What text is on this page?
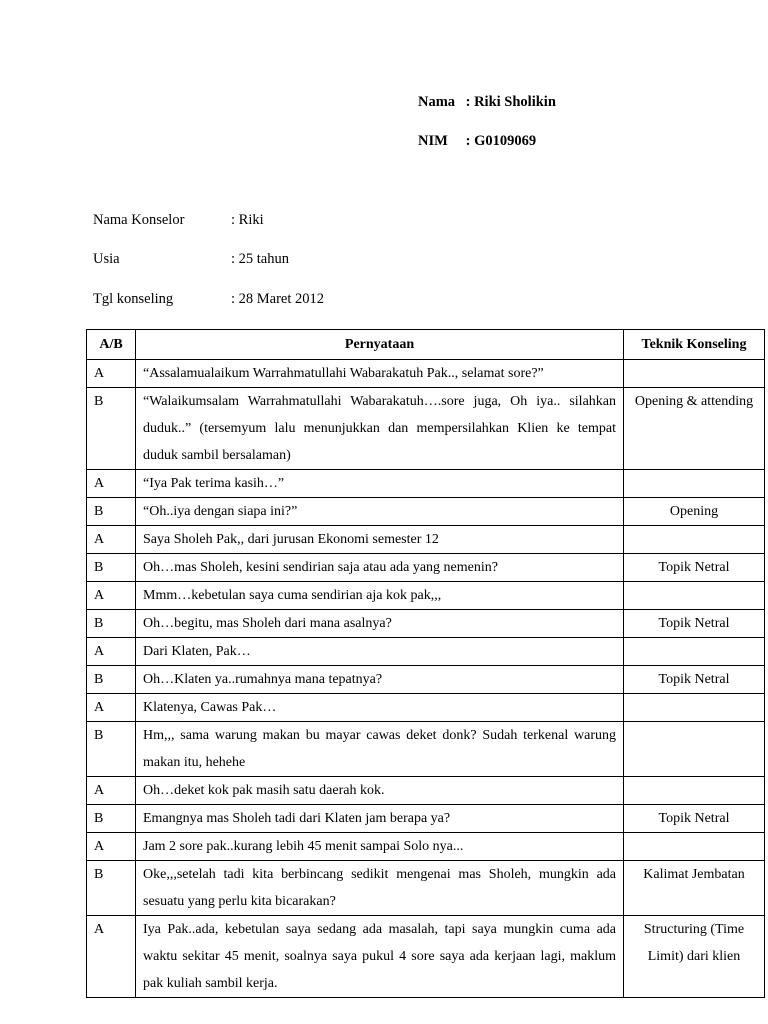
Nama : Riki Sholikin
NIM : G0109069
Nama Konselor	: Riki
Usia	: 25 tahun
Tgl konseling	: 28 Maret 2012
A/B	Pernyataan	Teknik Konseling
A	“Assalamualaikum Warrahmatullahi Wabarakatuh Pak.., selamat sore?”	
B	“Walaikumsalam Warrahmatullahi Wabarakatuh….sore juga, Oh iya.. silahkan duduk..” (tersemyum lalu menunjukkan dan mempersilahkan Klien ke tempat duduk sambil bersalaman)	Opening & attending
A	“Iya Pak terima kasih…”	
B	“Oh..iya dengan siapa ini?”	Opening
A	Saya Sholeh Pak,, dari jurusan Ekonomi semester 12	
B	Oh…mas Sholeh, kesini sendirian saja atau ada yang nemenin?	Topik Netral
A	Mmm…kebetulan saya cuma sendirian aja kok pak,,,	
B	Oh…begitu, mas Sholeh dari mana asalnya?	Topik Netral
A	Dari Klaten, Pak…	
B	Oh…Klaten ya..rumahnya mana tepatnya?	Topik Netral
A	Klatenya, Cawas Pak…	
B	Hm,,, sama warung makan bu mayar cawas deket donk? Sudah terkenal warung makan itu, hehehe	
A	Oh…deket kok pak masih satu daerah kok.	
B	Emangnya mas Sholeh tadi dari Klaten jam berapa ya?	Topik Netral
A	Jam 2 sore pak..kurang lebih 45 menit sampai Solo nya...	
B	Oke,,,setelah tadi kita berbincang sedikit mengenai mas Sholeh, mungkin ada sesuatu yang perlu kita bicarakan?	Kalimat Jembatan
A	Iya Pak..ada, kebetulan saya sedang ada masalah, tapi saya mungkin cuma ada waktu sekitar 45 menit, soalnya saya pukul 4 sore saya ada kerjaan lagi, maklum pak kuliah sambil kerja.	Structuring (Time Limit) dari klien
